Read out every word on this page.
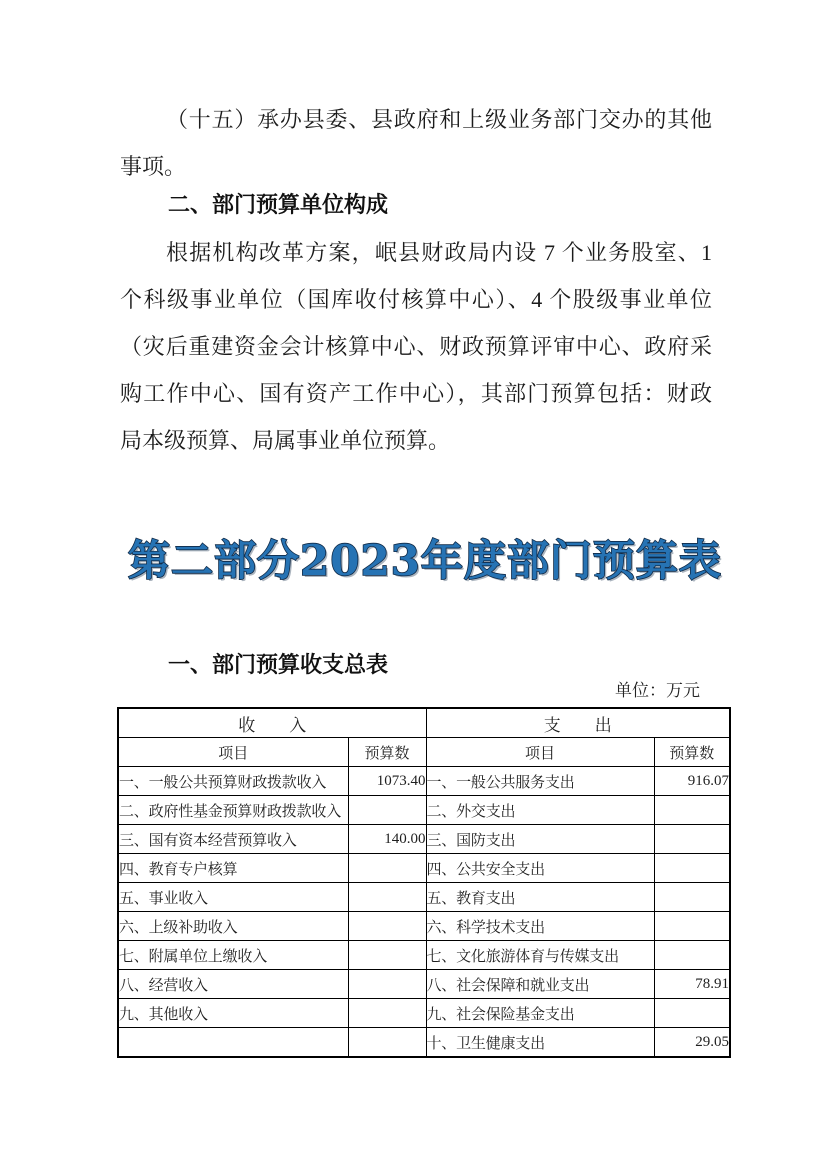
（十五）承办县委、县政府和上级业务部门交办的其他
事项。
二、部门预算单位构成
根据机构改革方案，岷县财政局内设 7 个业务股室、1
个科级事业单位（国库收付核算中心）、4 个股级事业单位
（灾后重建资金会计核算中心、财政预算评审中心、政府采
购工作中心、国有资产工作中心），其部门预算包括：财政
局本级预算、局属事业单位预算。
第二部分 2023年度部门预算表
一、部门预算收支总表
单位：万元
收　　入		支　　出	
项目	预算数	项目	预算数
一、一般公共预算财政拨款收入	1073.40	一、一般公共服务支出	916.07
二、政府性基金预算财政拨款收入		二、外交支出	
三、国有资本经营预算收入	140.00	三、国防支出	
四、教育专户核算		四、公共安全支出	
五、事业收入		五、教育支出	
六、上级补助收入		六、科学技术支出	
七、附属单位上缴收入		七、文化旅游体育与传媒支出	
八、经营收入		八、社会保障和就业支出	78.91
九、其他收入		九、社会保险基金支出	
		十、卫生健康支出	29.05
